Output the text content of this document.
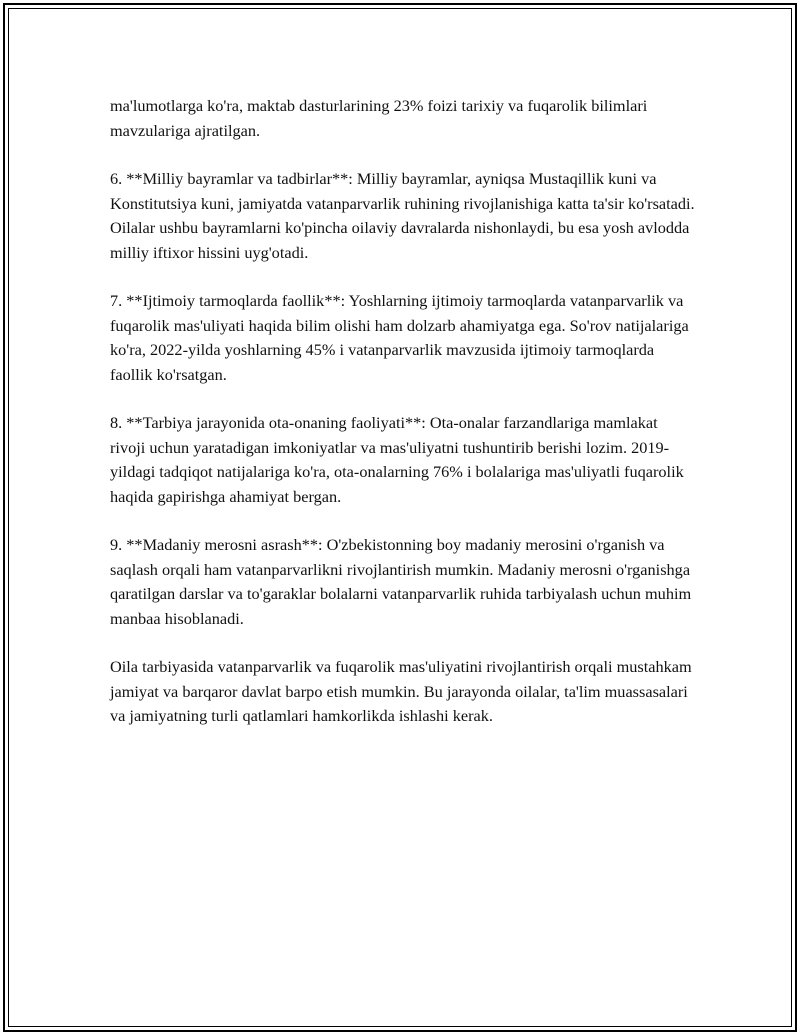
ma'lumotlarga ko'ra, maktab dasturlarining 23% foizi tarixiy va fuqarolik bilimlari mavzulariga ajratilgan.

6. **Milliy bayramlar va tadbirlar**: Milliy bayramlar, ayniqsa Mustaqillik kuni va Konstitutsiya kuni, jamiyatda vatanparvarlik ruhining rivojlanishiga katta ta'sir ko'rsatadi. Oilalar ushbu bayramlarni ko'pincha oilaviy davralarda nishonlaydi, bu esa yosh avlodda milliy iftixor hissini uyg'otadi.

7. **Ijtimoiy tarmoqlarda faollik**: Yoshlarning ijtimoiy tarmoqlarda vatanparvarlik va fuqarolik mas'uliyati haqida bilim olishi ham dolzarb ahamiyatga ega. So'rov natijalariga ko'ra, 2022-yilda yoshlarning 45% i vatanparvarlik mavzusida ijtimoiy tarmoqlarda faollik ko'rsatgan.

8. **Tarbiya jarayonida ota-onaning faoliyati**: Ota-onalar farzandlariga mamlakat rivoji uchun yaratadigan imkoniyatlar va mas'uliyatni tushuntirib berishi lozim. 2019-yildagi tadqiqot natijalariga ko'ra, ota-onalarning 76% i bolalariga mas'uliyatli fuqarolik haqida gapirishga ahamiyat bergan.

9. **Madaniy merosni asrash**: O'zbekistonning boy madaniy merosini o'rganish va saqlash orqali ham vatanparvarlikni rivojlantirish mumkin. Madaniy merosni o'rganishga qaratilgan darslar va to'garaklar bolalarni vatanparvarlik ruhida tarbiyalash uchun muhim manbaa hisoblanadi.

Oila tarbiyasida vatanparvarlik va fuqarolik mas'uliyatini rivojlantirish orqali mustahkam jamiyat va barqaror davlat barpo etish mumkin. Bu jarayonda oilalar, ta'lim muassasalari va jamiyatning turli qatlamlari hamkorlikda ishlashi kerak.
